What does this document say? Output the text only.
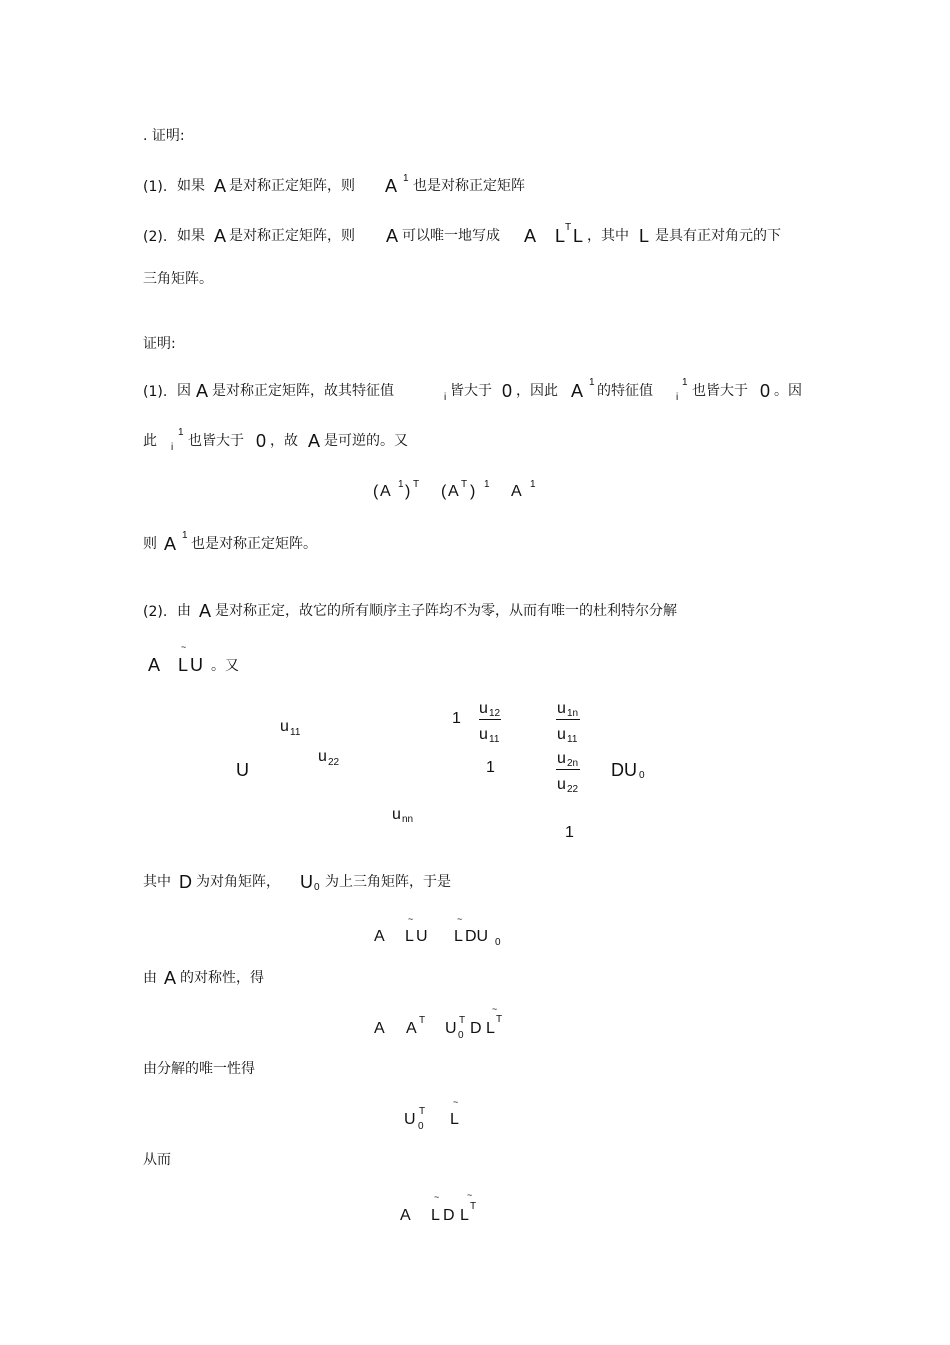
. 证明:
(1). 如果 A 是对称正定矩阵，则 A 1 也是对称正定矩阵
(2). 如果 A 是对称正定矩阵，则 A 可以唯一地写成 A L T L ，其中 L 是具有正对角元的下
三角矩阵。
证明:
(1). 因 A 是对称正定矩阵，故其特征值	i 皆大于 0 ，因此 A 1
的特征值 i
1
也皆大于 0 。因
此 i
1
也皆大于 0 ，故 A 是可逆的。又
( A 1 ) T ( A T ) 1 A 1
则 A 1
也是对称正定矩阵。
(2). 由 A 是对称正定，故它的所有顺序主子阵均不为零，从而有唯一的杜利特尔分解
A
~
L U 。又
U
u 11
u 22
u nn
1
u 12
u 11
u 1n
u 11
1
u 2n
u 22
1
DU 0
其中 D 为对角矩阵， U 0 为上三角矩阵，于是
A
~
L U
~
L DU 0
由 A 的对称性，得
A A T U T
0 D
~
L
T
由分解的唯一性得
U T
0
~
L
从而
A
~
L D
~
L
T
